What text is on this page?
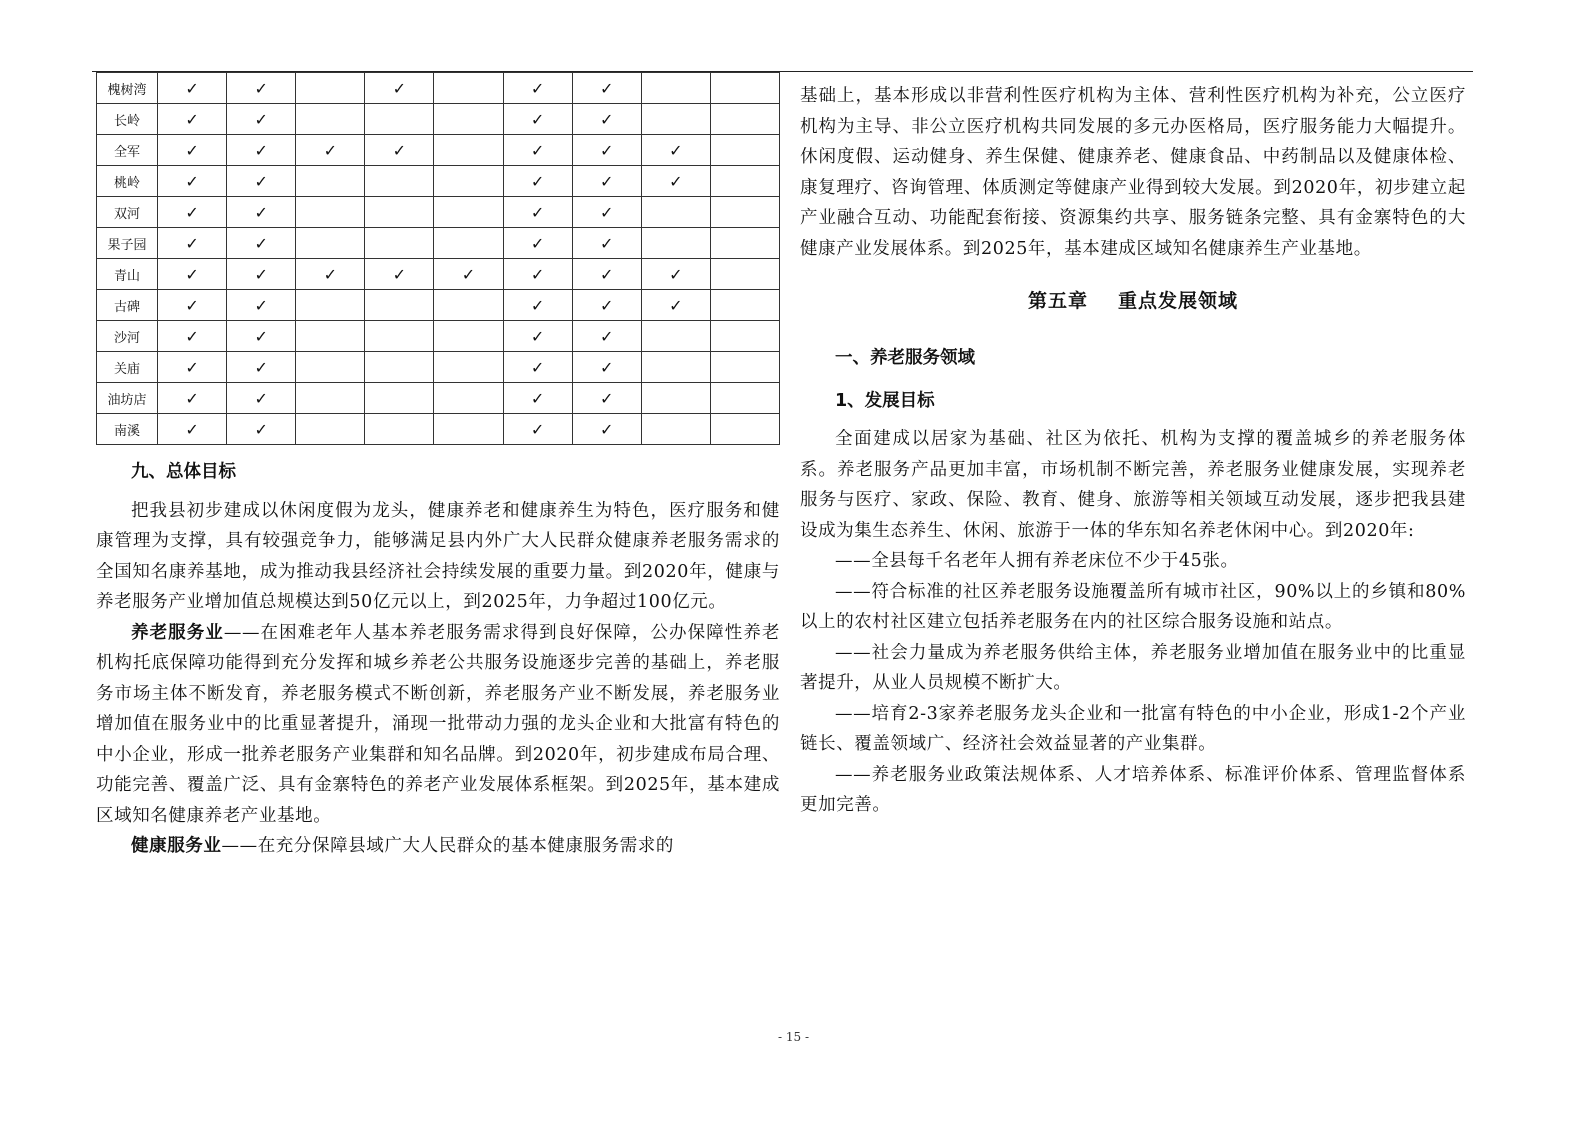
槐树湾	✓	✓		✓		✓	✓		
长岭	✓	✓				✓	✓		
全军	✓	✓	✓	✓		✓	✓	✓	
桃岭	✓	✓				✓	✓	✓	
双河	✓	✓				✓	✓		
果子园	✓	✓				✓	✓		
青山	✓	✓	✓	✓	✓	✓	✓	✓	
古碑	✓	✓				✓	✓	✓	
沙河	✓	✓				✓	✓		
关庙	✓	✓				✓	✓		
油坊店	✓	✓				✓	✓		
南溪	✓	✓				✓	✓		

九、总体目标

把我县初步建成以休闲度假为龙头，健康养老和健康养生为特色，医疗服务和健康管理为支撑，具有较强竞争力，能够满足县内外广大人民群众健康养老服务需求的全国知名康养基地，成为推动我县经济社会持续发展的重要力量。到2020年，健康与养老服务产业增加值总规模达到50亿元以上，到2025年，力争超过100亿元。

养老服务业——在困难老年人基本养老服务需求得到良好保障，公办保障性养老机构托底保障功能得到充分发挥和城乡养老公共服务设施逐步完善的基础上，养老服务市场主体不断发育，养老服务模式不断创新，养老服务产业不断发展，养老服务业增加值在服务业中的比重显著提升，涌现一批带动力强的龙头企业和大批富有特色的中小企业，形成一批养老服务产业集群和知名品牌。到2020年，初步建成布局合理、功能完善、覆盖广泛、具有金寨特色的养老产业发展体系框架。到2025年，基本建成区域知名健康养老产业基地。

健康服务业——在充分保障县域广大人民群众的基本健康服务需求的

基础上，基本形成以非营利性医疗机构为主体、营利性医疗机构为补充，公立医疗机构为主导、非公立医疗机构共同发展的多元办医格局，医疗服务能力大幅提升。休闲度假、运动健身、养生保健、健康养老、健康食品、中药制品以及健康体检、康复理疗、咨询管理、体质测定等健康产业得到较大发展。到2020年，初步建立起产业融合互动、功能配套衔接、资源集约共享、服务链条完整、具有金寨特色的大健康产业发展体系。到2025年，基本建成区域知名健康养生产业基地。

第五章 重点发展领域

一、养老服务领域

1、发展目标

全面建成以居家为基础、社区为依托、机构为支撑的覆盖城乡的养老服务体系。养老服务产品更加丰富，市场机制不断完善，养老服务业健康发展，实现养老服务与医疗、家政、保险、教育、健身、旅游等相关领域互动发展，逐步把我县建设成为集生态养生、休闲、旅游于一体的华东知名养老休闲中心。到2020年:

——全县每千名老年人拥有养老床位不少于45张。

——符合标准的社区养老服务设施覆盖所有城市社区，90%以上的乡镇和80%以上的农村社区建立包括养老服务在内的社区综合服务设施和站点。

——社会力量成为养老服务供给主体，养老服务业增加值在服务业中的比重显著提升，从业人员规模不断扩大。

——培育2-3家养老服务龙头企业和一批富有特色的中小企业，形成1-2个产业链长、覆盖领域广、经济社会效益显著的产业集群。

——养老服务业政策法规体系、人才培养体系、标准评价体系、管理监督体系更加完善。

- 15 -
